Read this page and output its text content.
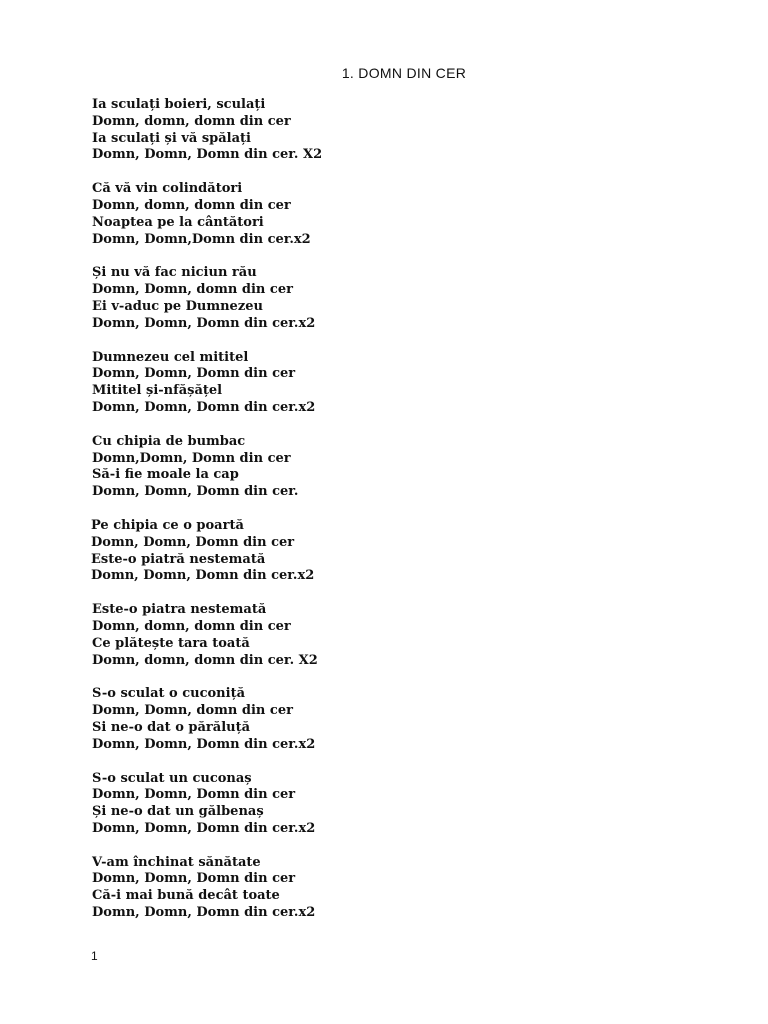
1. DOMN DIN CER
Ia sculați boieri, sculați
Domn, domn, domn din cer
Ia sculați și vă spălați
Domn, Domn, Domn din cer. X2
Că vă vin colindători
Domn, domn, domn din cer
Noaptea pe la cântători
Domn, Domn,Domn din cer.x2
Și nu vă fac niciun rău
Domn, Domn, domn din cer
Ei v-aduc pe Dumnezeu
Domn, Domn, Domn din cer.x2
Dumnezeu cel mititel
Domn, Domn, Domn din cer
Mititel și-nfășățel
Domn, Domn, Domn din cer.x2
Cu chipia de bumbac
Domn,Domn, Domn din cer
Să-i fie moale la cap
Domn, Domn, Domn din cer.
Pe chipia ce o poartă
Domn, Domn, Domn din cer
Este-o piatră nestemată
Domn, Domn, Domn din cer.x2
Este-o piatra nestemată
Domn, domn, domn din cer
Ce plătește tara toată
Domn, domn, domn din cer. X2
S-o sculat o cuconiță
Domn, Domn, domn din cer
Si ne-o dat o părăluță
Domn, Domn, Domn din cer.x2
S-o sculat un cuconaș
Domn, Domn, Domn din cer
Și ne-o dat un gălbenaș
Domn, Domn, Domn din cer.x2
V-am închinat sănătate
Domn, Domn, Domn din cer
Că-i mai bună decât toate
Domn, Domn, Domn din cer.x2
1
